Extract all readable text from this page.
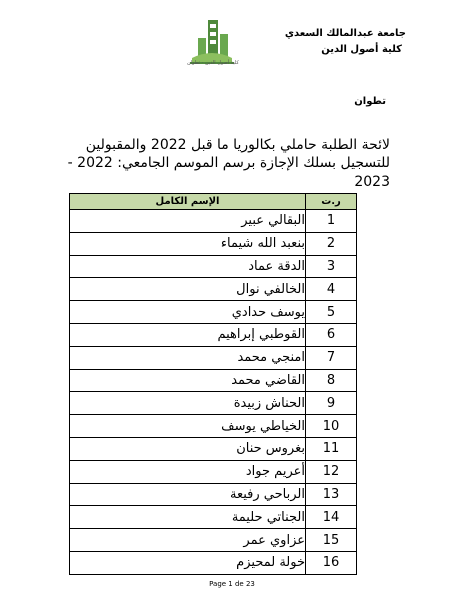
كلية أصول الدين · تطوان
جامعة عبدالمالك السعدي
كلية أصول الدين
تطوان
لائحة الطلبة حاملي بكالوريا ما قبل 2022 والمقبولين
للتسجيل بسلك الإجازة برسم الموسم الجامعي: 2022 -
2023
الإسم الكامل	ر.ت
البقالي عبير	1
بنعبد الله شيماء	2
الدقة عماد	3
الخالفي نوال	4
يوسف حدادي	5
القوطبي إبراهيم	6
امنجي محمد	7
القاضي محمد	8
الحناش زبيدة	9
الخياطي يوسف	10
بغروس حنان	11
أعريم جواد	12
الرباحي رفيعة	13
الجناتي حليمة	14
عزاوي عمر	15
خولة لمحيزم	16
Page 1 de 23
